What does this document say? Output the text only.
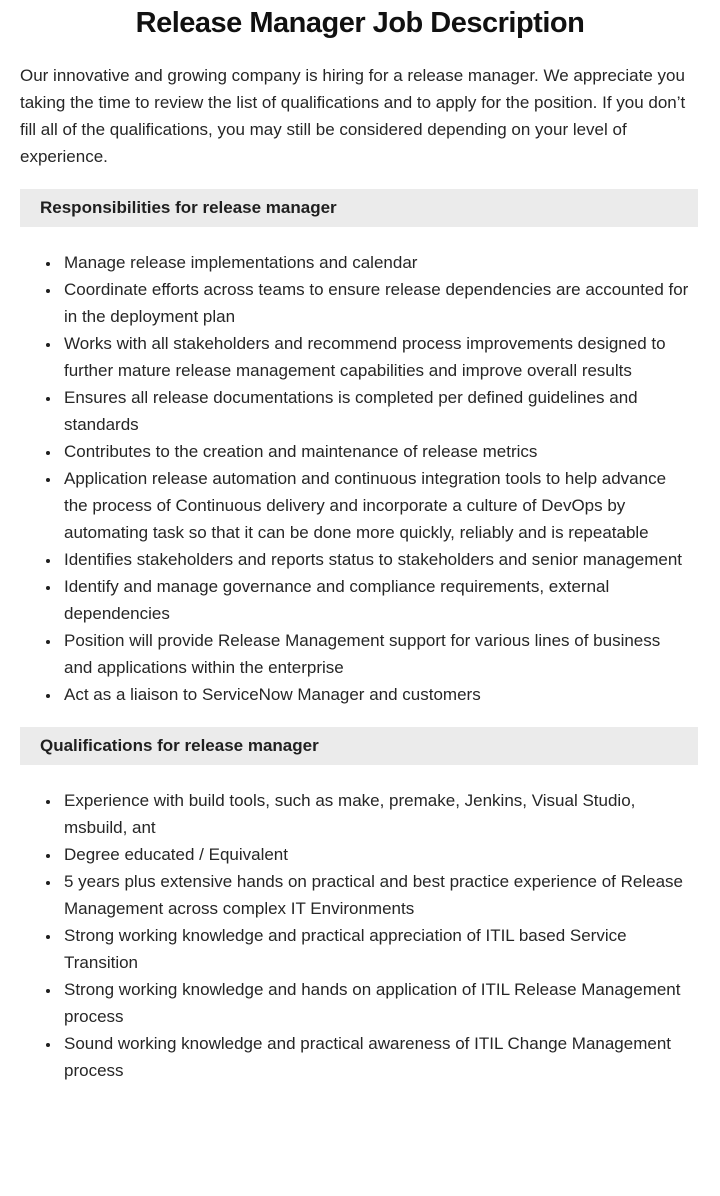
Release Manager Job Description

Our innovative and growing company is hiring for a release manager. We appreciate you taking the time to review the list of qualifications and to apply for the position. If you don’t fill all of the qualifications, you may still be considered depending on your level of experience.

Responsibilities for release manager
• Manage release implementations and calendar
• Coordinate efforts across teams to ensure release dependencies are accounted for in the deployment plan
• Works with all stakeholders and recommend process improvements designed to further mature release management capabilities and improve overall results
• Ensures all release documentations is completed per defined guidelines and standards
• Contributes to the creation and maintenance of release metrics
• Application release automation and continuous integration tools to help advance the process of Continuous delivery and incorporate a culture of DevOps by automating task so that it can be done more quickly, reliably and is repeatable
• Identifies stakeholders and reports status to stakeholders and senior management
• Identify and manage governance and compliance requirements, external dependencies
• Position will provide Release Management support for various lines of business and applications within the enterprise
• Act as a liaison to ServiceNow Manager and customers
Qualifications for release manager
• Experience with build tools, such as make, premake, Jenkins, Visual Studio, msbuild, ant
• Degree educated / Equivalent
• 5 years plus extensive hands on practical and best practice experience of Release Management across complex IT Environments
• Strong working knowledge and practical appreciation of ITIL based Service Transition
• Strong working knowledge and hands on application of ITIL Release Management process
• Sound working knowledge and practical awareness of ITIL Change Management process
